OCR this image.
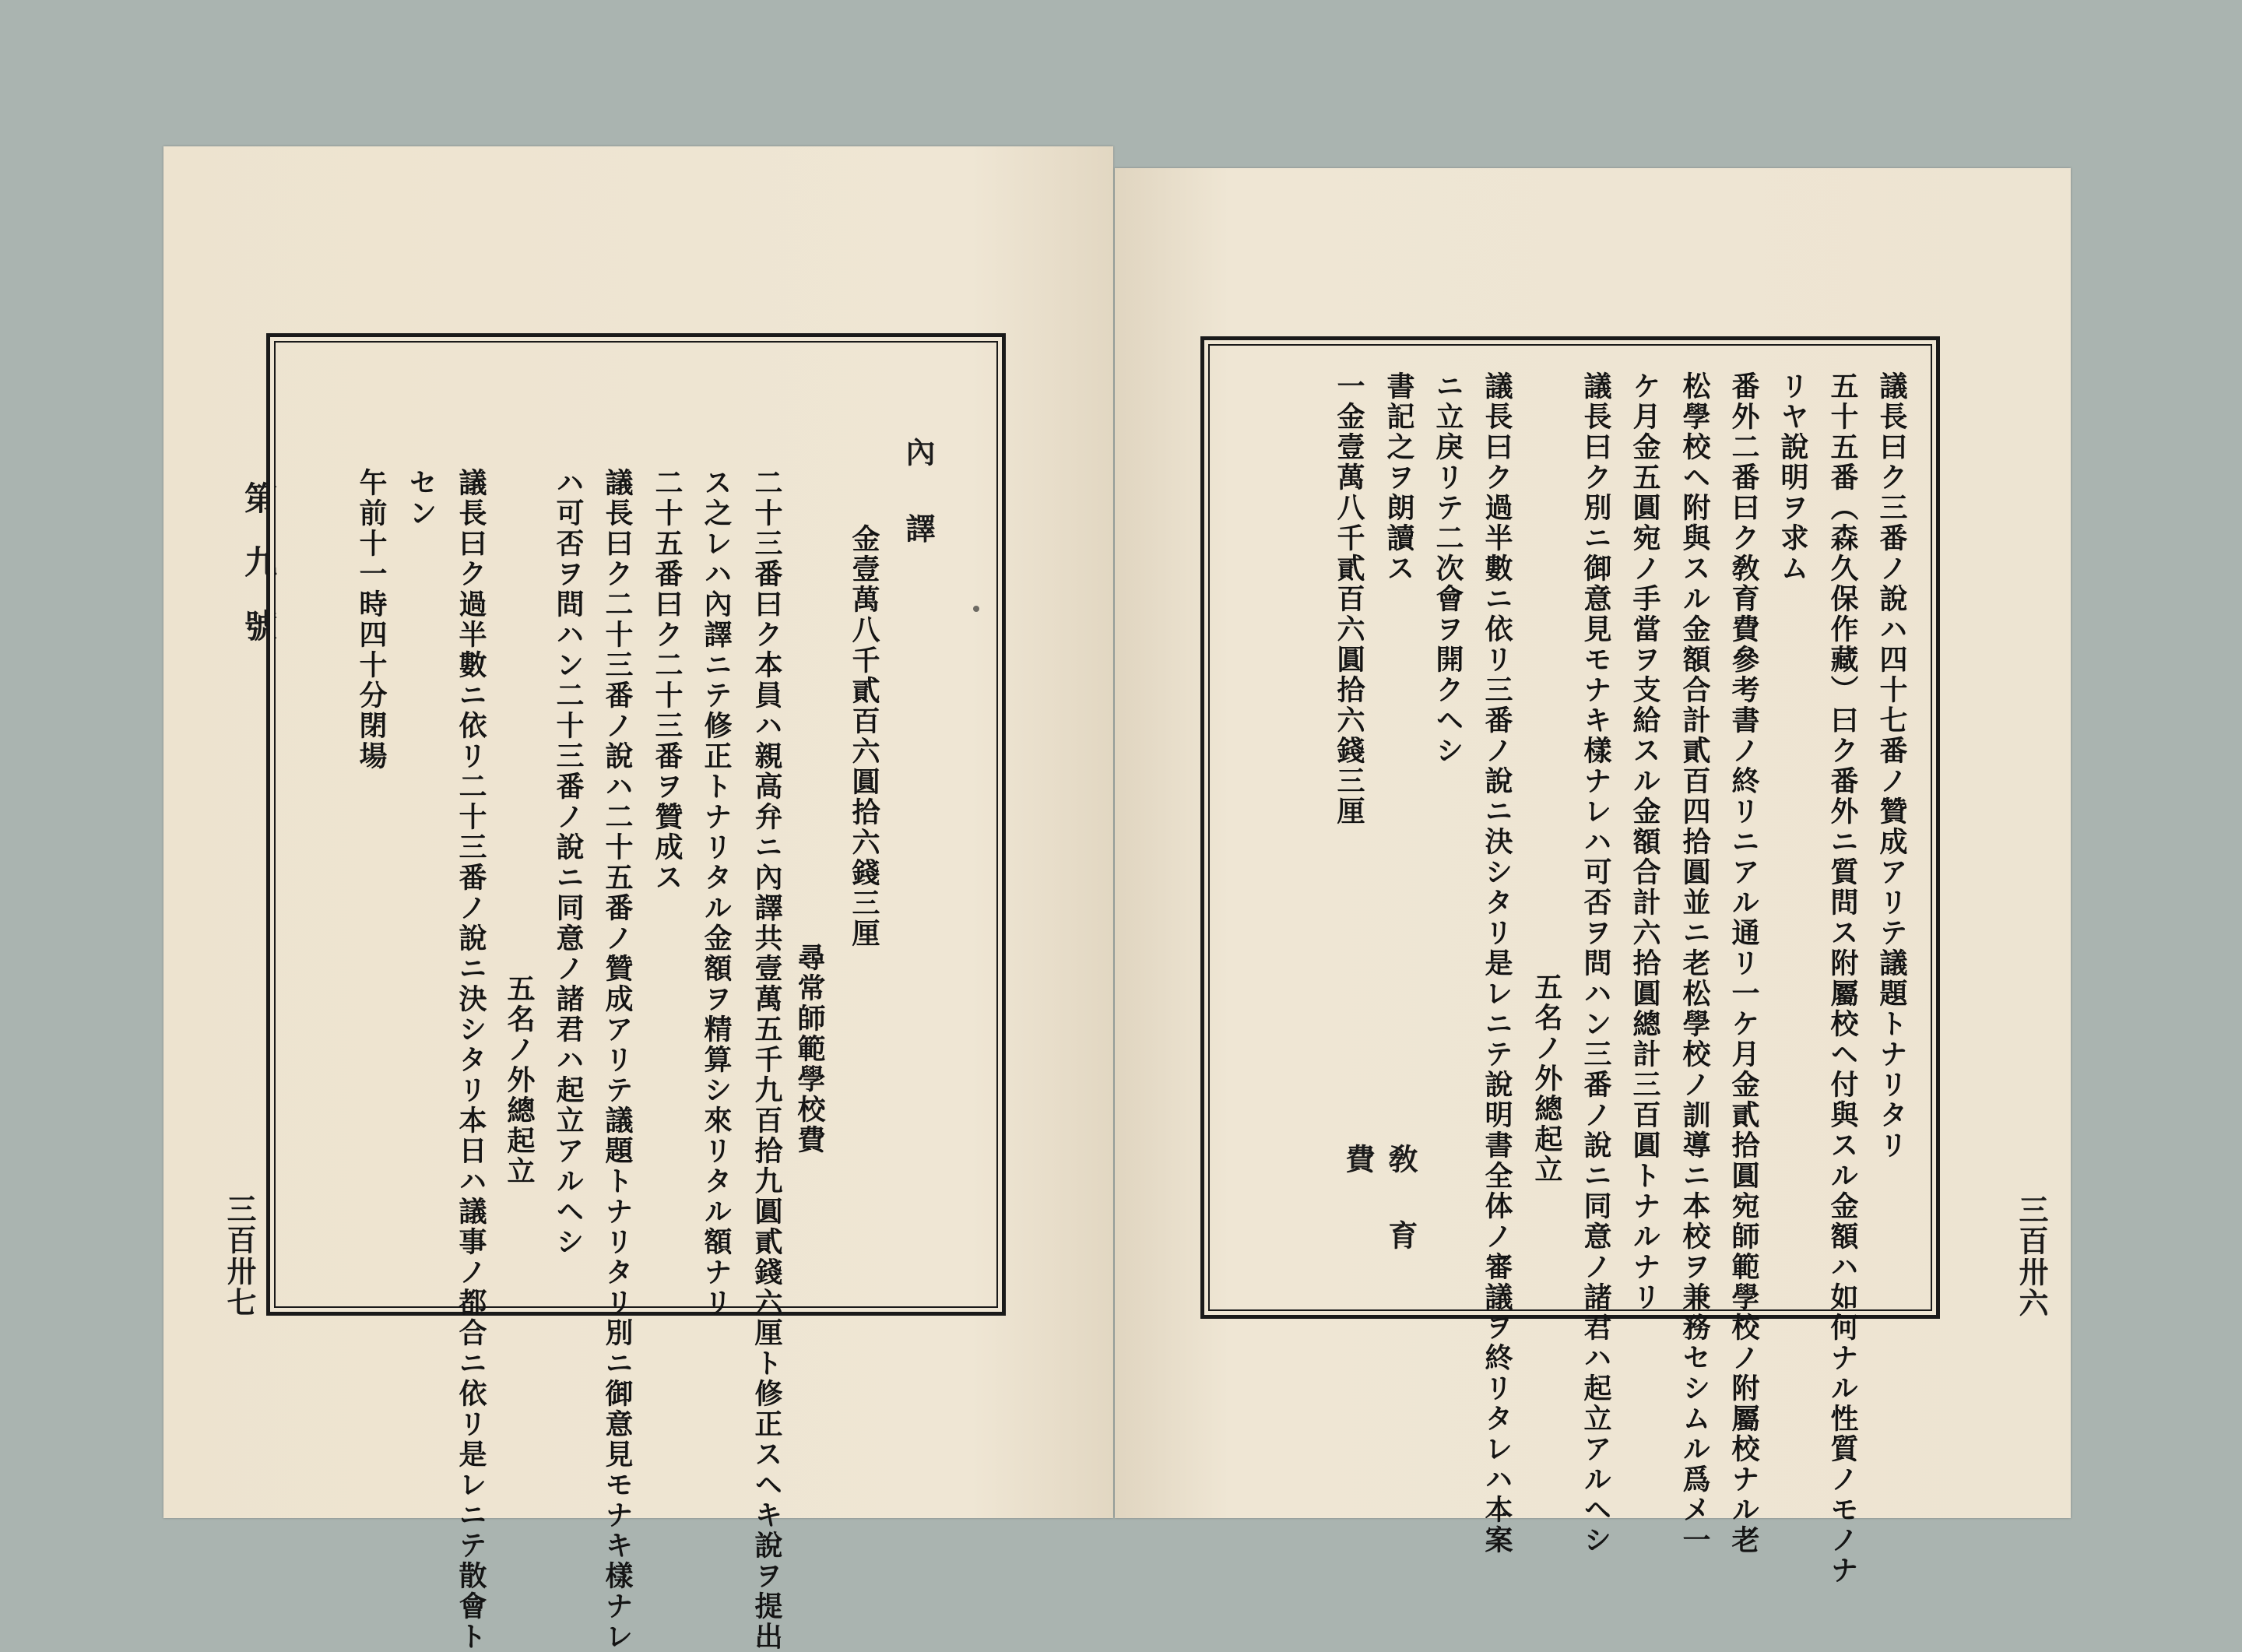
第九號
三百卅七
內譯
金壹萬八千貳百六圓拾六錢三厘
尋常師範學校費
二十三番曰ク本員ハ親高弁ニ內譯共壹萬五千九百拾九圓貳錢六厘ト修正スヘキ說ヲ提出
ス之レハ內譯ニテ修正トナリタル金額ヲ精算シ來リタル額ナリ
二十五番曰ク二十三番ヲ贊成ス
議長曰ク二十三番ノ說ハ二十五番ノ贊成アリテ議題トナリタリ別ニ御意見モナキ樣ナレ
ハ可否ヲ問ハン二十三番ノ說ニ同意ノ諸君ハ起立アルヘシ
五名ノ外總起立
議長曰ク過半數ニ依リ二十三番ノ說ニ決シタリ本日ハ議事ノ都合ニ依リ是レニテ散會ト
セン
午前十一時四十分閉場
三百卅六
議長曰ク三番ノ說ハ四十七番ノ贊成アリテ議題トナリタリ
五十五番（森久保作藏）曰ク番外ニ質問ス附屬校ヘ付與スル金額ハ如何ナル性質ノモノナ
リヤ說明ヲ求ム
番外二番曰ク敎育費參考書ノ終リニアル通リ一ケ月金貳拾圓宛師範學校ノ附屬校ナル老
松學校ヘ附與スル金額合計貳百四拾圓並ニ老松學校ノ訓導ニ本校ヲ兼務セシムル爲メ一
ケ月金五圓宛ノ手當ヲ支給スル金額合計六拾圓總計三百圓トナルナリ
議長曰ク別ニ御意見モナキ樣ナレハ可否ヲ問ハン三番ノ說ニ同意ノ諸君ハ起立アルヘシ
五名ノ外總起立
議長曰ク過半數ニ依リ三番ノ說ニ決シタリ是レニテ說明書全体ノ審議ヲ終リタレハ本案
ニ立戾リテ二次會ヲ開クヘシ
書記之ヲ朗讀ス
一金壹萬八千貳百六圓拾六錢三厘
敎育費
